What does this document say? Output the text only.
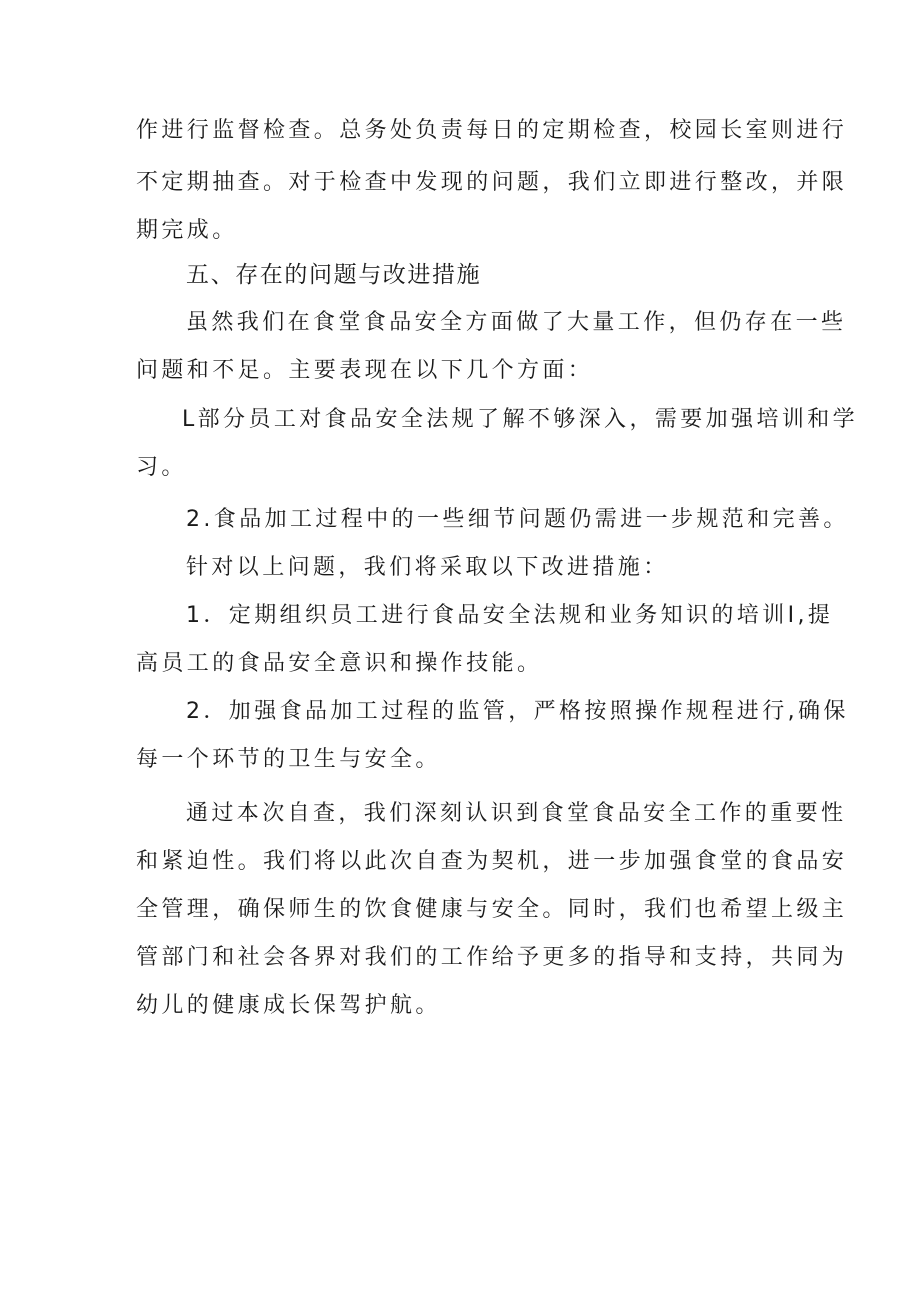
作进行监督检查。总务处负责每日的定期检查，校园长室则进行
不定期抽查。对于检查中发现的问题，我们立即进行整改，并限
期完成。
五、存在的问题与改进措施
虽然我们在食堂食品安全方面做了大量工作，但仍存在一些
问题和不足。主要表现在以下几个方面：
L部分员工对食品安全法规了解不够深入，需要加强培训和学
习。
2.食品加工过程中的一些细节问题仍需进一步规范和完善。
针对以上问题，我们将采取以下改进措施：
1．定期组织员工进行食品安全法规和业务知识的培训I,提
高员工的食品安全意识和操作技能。
2．加强食品加工过程的监管，严格按照操作规程进行,确保
每一个环节的卫生与安全。
通过本次自查，我们深刻认识到食堂食品安全工作的重要性
和紧迫性。我们将以此次自查为契机，进一步加强食堂的食品安
全管理，确保师生的饮食健康与安全。同时，我们也希望上级主
管部门和社会各界对我们的工作给予更多的指导和支持，共同为
幼儿的健康成长保驾护航。
